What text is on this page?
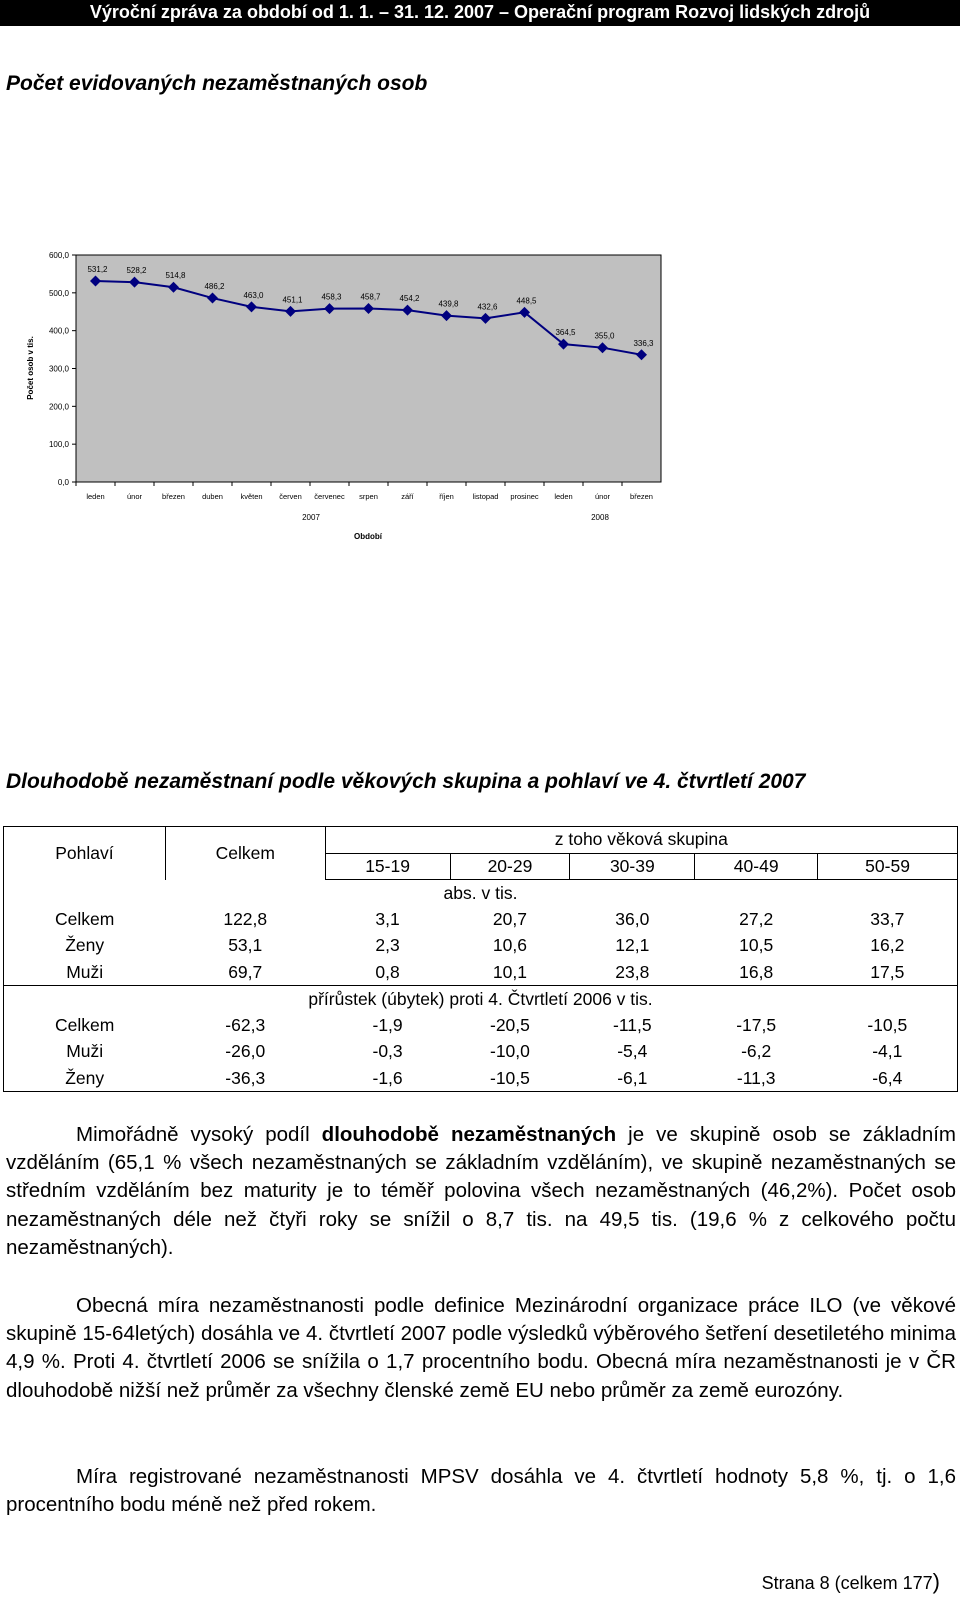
Výroční zpráva za období od 1. 1. – 31. 12. 2007 – Operační program Rozvoj lidských zdrojů
Počet evidovaných nezaměstnaných osob
600,0
500,0
400,0
300,0
200,0
100,0
0,0
leden	únor	březen duben květen červen červenec srpen	září	říjen	listopad prosinec leden	únor	březen
531,2 528,2
514,8
486,2
463,0
451,1 458,3 458,7 454,2
439,8 432,6
448,5
364,5 355,0
336,3
Počet osob v tis.
2007	2008
Období
Dlouhodobě nezaměstnaní podle věkových skupina a pohlaví ve 4. čtvrtletí 2007
Pohlaví	Celkem	z toho věková skupina				
		15-19	20-29	30-39	40-49	50-59
abs. v tis.						
Celkem	122,8	3,1	20,7	36,0	27,2	33,7
Ženy	53,1	2,3	10,6	12,1	10,5	16,2
Muži	69,7	0,8	10,1	23,8	16,8	17,5
přírůstek (úbytek) proti 4. Čtvrtletí 2006 v tis.						
Celkem	-62,3	-1,9	-20,5	-11,5	-17,5	-10,5
Muži	-26,0	-0,3	-10,0	-5,4	-6,2	-4,1
Ženy	-36,3	-1,6	-10,5	-6,1	-11,3	-6,4
Mimořádně vysoký podíl dlouhodobě nezaměstnaných je ve skupině osob se základním vzděláním (65,1 % všech nezaměstnaných se základním vzděláním), ve skupině nezaměstnaných se středním vzděláním bez maturity je to téměř polovina všech nezaměstnaných (46,2%). Počet osob nezaměstnaných déle než čtyři roky se snížil o 8,7 tis. na 49,5 tis. (19,6 % z celkového počtu nezaměstnaných).
Obecná míra nezaměstnanosti podle definice Mezinárodní organizace práce ILO (ve věkové skupině 15-64letých) dosáhla ve 4. čtvrtletí 2007 podle výsledků výběrového šetření desetiletého minima 4,9 %. Proti 4. čtvrtletí 2006 se snížila o 1,7 procentního bodu. Obecná míra nezaměstnanosti je v ČR dlouhodobě nižší než průměr za všechny členské země EU nebo průměr za země eurozóny.
Míra registrované nezaměstnanosti MPSV dosáhla ve 4. čtvrtletí hodnoty 5,8 %, tj. o 1,6 procentního bodu méně než před rokem.
Strana 8 (celkem 177)
